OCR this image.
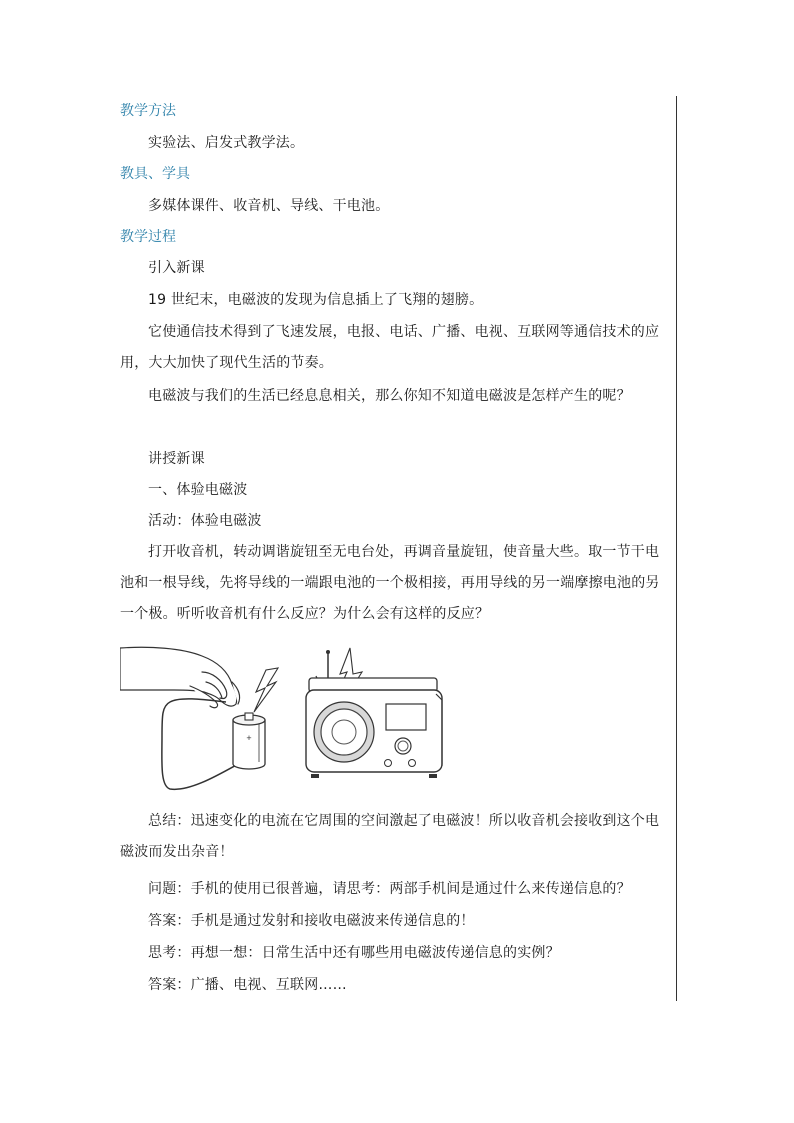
教学方法

实验法、启发式教学法。

教具、学具

多媒体课件、收音机、导线、干电池。

教学过程

引入新课

19 世纪末，电磁波的发现为信息插上了飞翔的翅膀。

它使通信技术得到了飞速发展，电报、电话、广播、电视、互联网等通信技术的应用，大大加快了现代生活的节奏。

电磁波与我们的生活已经息息相关，那么你知不知道电磁波是怎样产生的呢？

讲授新课

一、体验电磁波

活动：体验电磁波

打开收音机，转动调谐旋钮至无电台处，再调音量旋钮，使音量大些。取一节干电池和一根导线，先将导线的一端跟电池的一个极相接，再用导线的另一端摩擦电池的另一个极。听听收音机有什么反应？为什么会有这样的反应？

+

总结：迅速变化的电流在它周围的空间激起了电磁波！所以收音机会接收到这个电磁波而发出杂音！

问题：手机的使用已很普遍，请思考：两部手机间是通过什么来传递信息的？

答案：手机是通过发射和接收电磁波来传递信息的！

思考：再想一想：日常生活中还有哪些用电磁波传递信息的实例？

答案：广播、电视、互联网……
